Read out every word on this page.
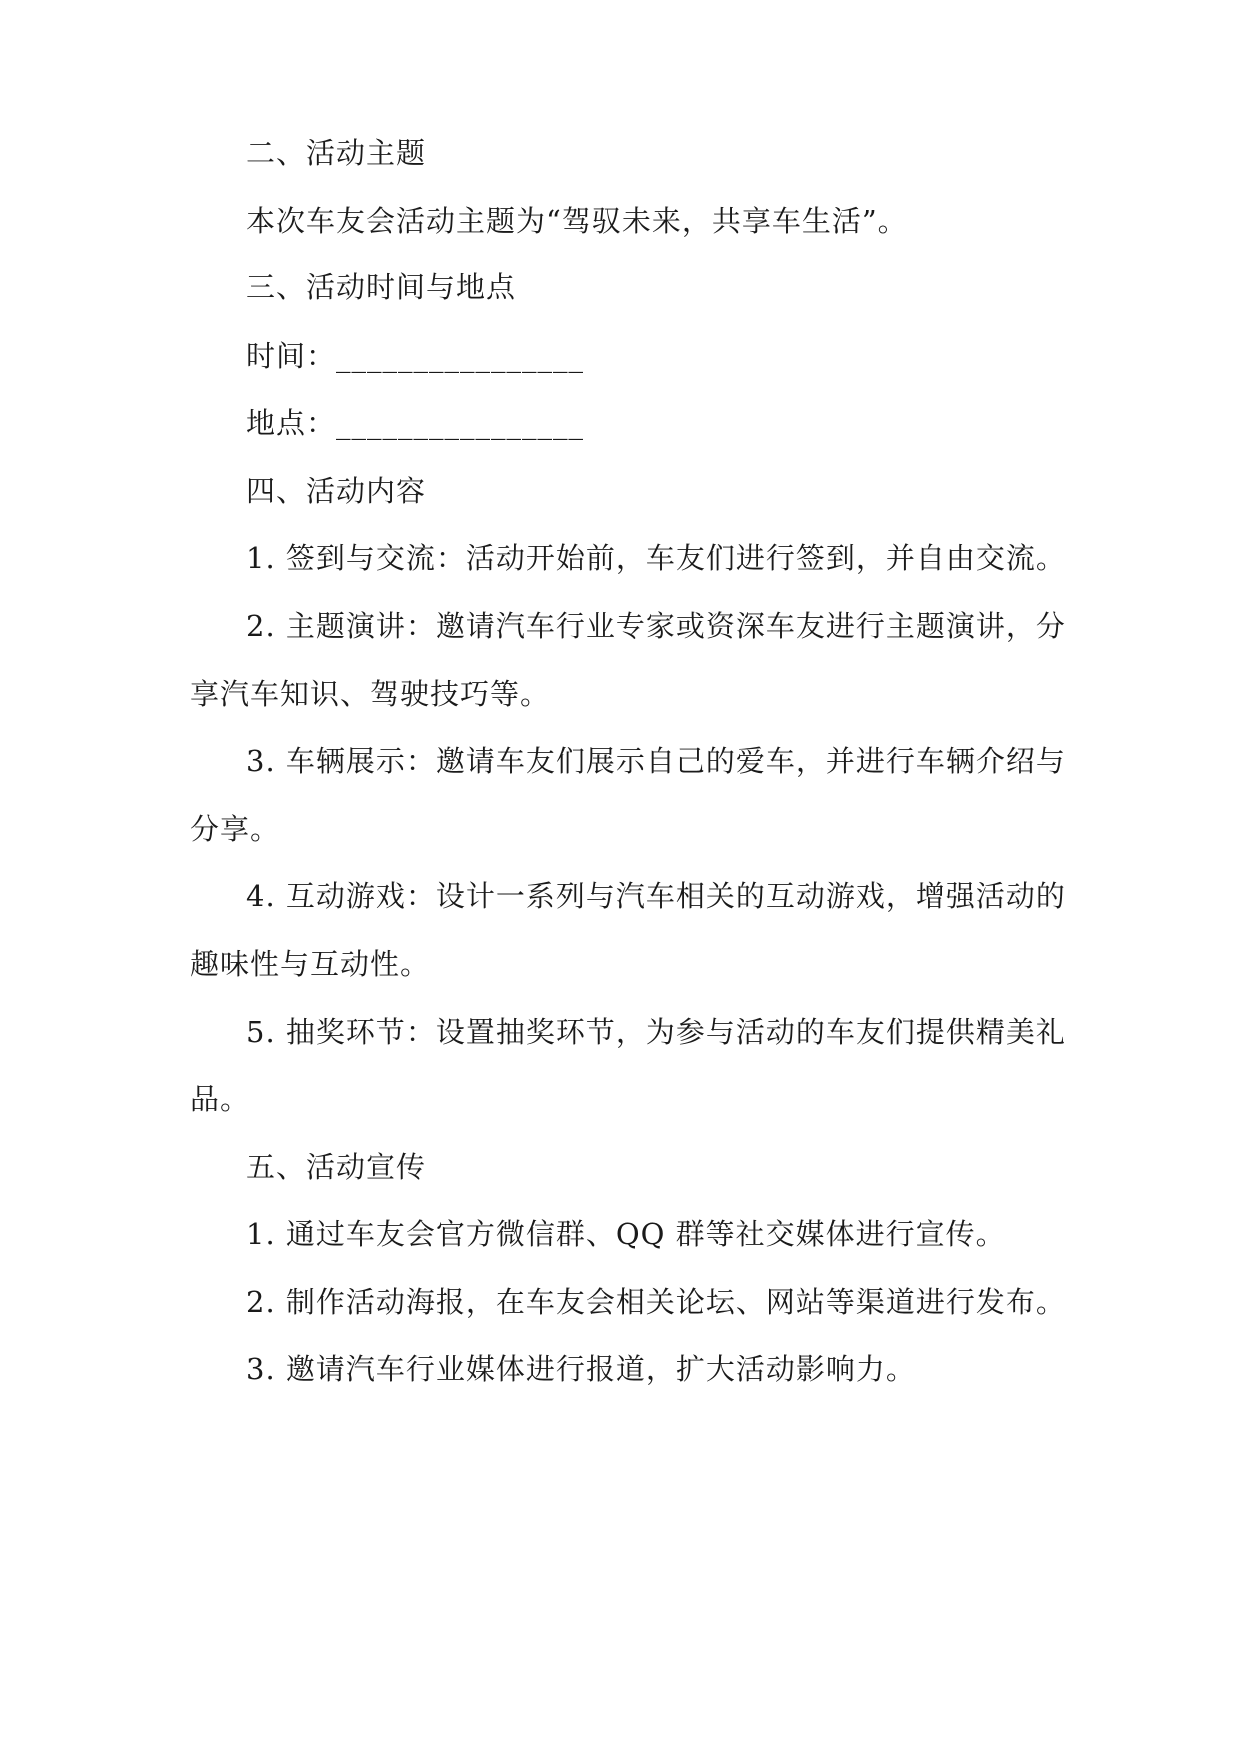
二、活动主题
本次车友会活动主题为“驾驭未来，共享车生活”。
三、活动时间与地点
时间：________________
地点：________________
四、活动内容
1. 签到与交流：活动开始前，车友们进行签到，并自由交流。
2. 主题演讲：邀请汽车行业专家或资深车友进行主题演讲，分
享汽车知识、驾驶技巧等。
3. 车辆展示：邀请车友们展示自己的爱车，并进行车辆介绍与
分享。
4. 互动游戏：设计一系列与汽车相关的互动游戏，增强活动的
趣味性与互动性。
5. 抽奖环节：设置抽奖环节，为参与活动的车友们提供精美礼
品。
五、活动宣传
1. 通过车友会官方微信群、QQ 群等社交媒体进行宣传。
2. 制作活动海报，在车友会相关论坛、网站等渠道进行发布。
3. 邀请汽车行业媒体进行报道，扩大活动影响力。
